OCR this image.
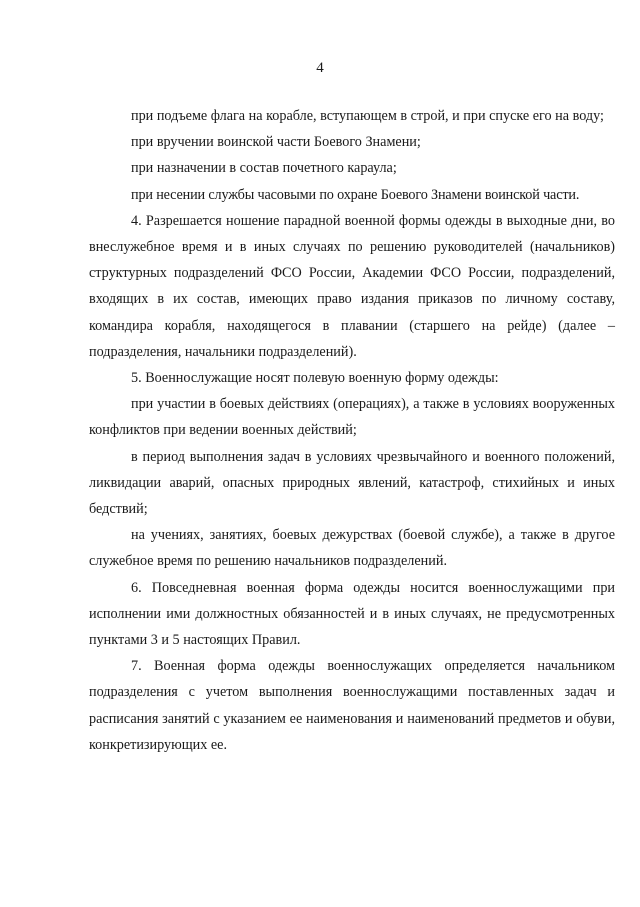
4

при подъеме флага на корабле, вступающем в строй, и при спуске его на воду;

при вручении воинской части Боевого Знамени;

при назначении в состав почетного караула;

при несении службы часовыми по охране Боевого Знамени воинской части.

4. Разрешается ношение парадной военной формы одежды в выходные дни, во внеслужебное время и в иных случаях по решению руководителей (начальников) структурных подразделений ФСО России, Академии ФСО России, подразделений, входящих в их состав, имеющих право издания приказов по личному составу, командира корабля, находящегося в плавании (старшего на рейде) (далее – подразделения, начальники подразделений).

5. Военнослужащие носят полевую военную форму одежды:

при участии в боевых действиях (операциях), а также в условиях вооруженных конфликтов при ведении военных действий;

в период выполнения задач в условиях чрезвычайного и военного положений, ликвидации аварий, опасных природных явлений, катастроф, стихийных и иных бедствий;

на учениях, занятиях, боевых дежурствах (боевой службе), а также в другое служебное время по решению начальников подразделений.

6. Повседневная военная форма одежды носится военнослужащими при исполнении ими должностных обязанностей и в иных случаях, не предусмотренных пунктами 3 и 5 настоящих Правил.

7. Военная форма одежды военнослужащих определяется начальником подразделения с учетом выполнения военнослужащими поставленных задач и расписания занятий с указанием ее наименования и наименований предметов и обуви, конкретизирующих ее.
